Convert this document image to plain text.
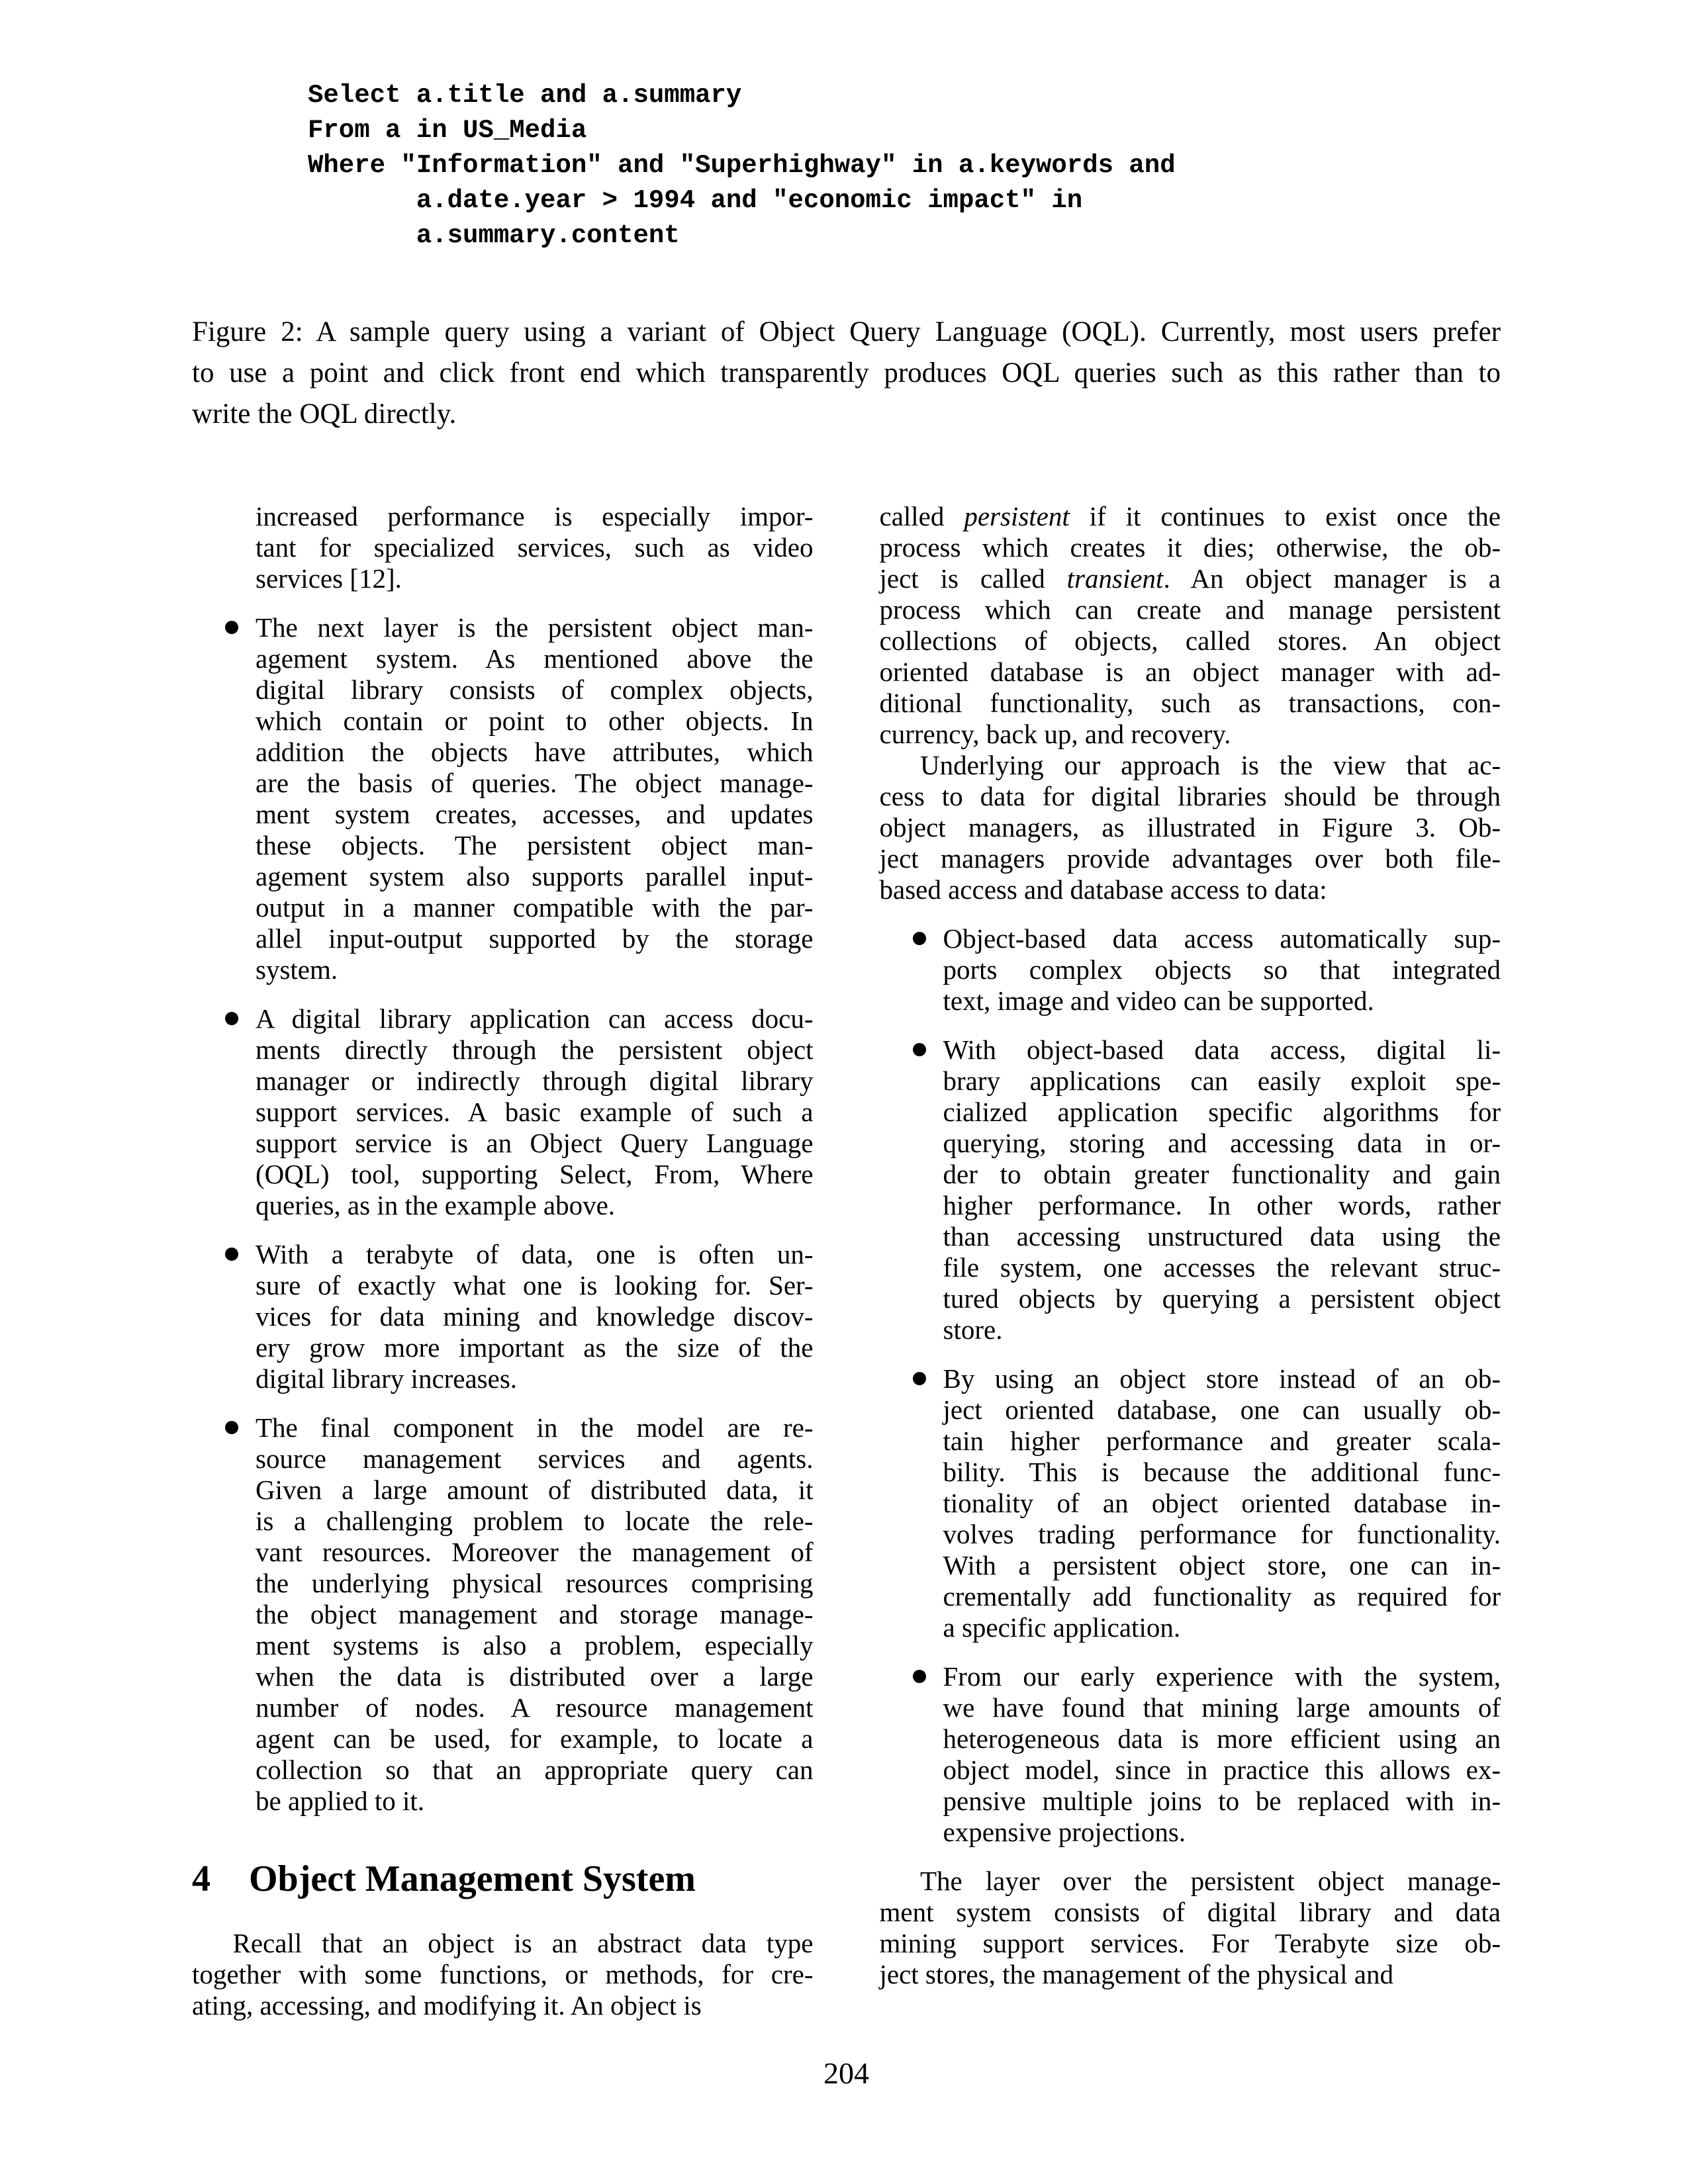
Select a.title and a.summary
From a in US_Media
Where "Information" and "Superhighway" in a.keywords and
a.date.year > 1994 and "economic impact" in
a.summary.content
Figure 2: A sample query using a variant of Object Query Language (OQL). Currently, most users prefer
to use a point and click front end which transparently produces OQL queries such as this rather than to
write the OQL directly.
increased performance is especially impor-
tant for specialized services, such as video
services [12].
The next layer is the persistent object man-
agement system. As mentioned above the
digital library consists of complex objects,
which contain or point to other objects. In
addition the objects have attributes, which
are the basis of queries. The object manage-
ment system creates, accesses, and updates
these objects. The persistent object man-
agement system also supports parallel input-
output in a manner compatible with the par-
allel input-output supported by the storage
system.
A digital library application can access docu-
ments directly through the persistent object
manager or indirectly through digital library
support services. A basic example of such a
support service is an Object Query Language
(OQL) tool, supporting Select, From, Where
queries, as in the example above.
With a terabyte of data, one is often un-
sure of exactly what one is looking for. Ser-
vices for data mining and knowledge discov-
ery grow more important as the size of the
digital library increases.
The final component in the model are re-
source management services and agents.
Given a large amount of distributed data, it
is a challenging problem to locate the rele-
vant resources. Moreover the management of
the underlying physical resources comprising
the object management and storage manage-
ment systems is also a problem, especially
when the data is distributed over a large
number of nodes. A resource management
agent can be used, for example, to locate a
collection so that an appropriate query can
be applied to it.
4 Object Management System
  Recall that an object is an abstract data type
together with some functions, or methods, for cre-
ating, accessing, and modifying it. An object is
called persistent if it continues to exist once the
process which creates it dies; otherwise, the ob-
ject is called transient. An object manager is a
process which can create and manage persistent
collections of objects, called stores. An object
oriented database is an object manager with ad-
ditional functionality, such as transactions, con-
currency, back up, and recovery.
  Underlying our approach is the view that ac-
cess to data for digital libraries should be through
object managers, as illustrated in Figure 3. Ob-
ject managers provide advantages over both file-
based access and database access to data:
Object-based data access automatically sup-
ports complex objects so that integrated
text, image and video can be supported.
With object-based data access, digital li-
brary applications can easily exploit spe-
cialized application specific algorithms for
querying, storing and accessing data in or-
der to obtain greater functionality and gain
higher performance. In other words, rather
than accessing unstructured data using the
file system, one accesses the relevant struc-
tured objects by querying a persistent object
store.
By using an object store instead of an ob-
ject oriented database, one can usually ob-
tain higher performance and greater scala-
bility. This is because the additional func-
tionality of an object oriented database in-
volves trading performance for functionality.
With a persistent object store, one can in-
crementally add functionality as required for
a specific application.
From our early experience with the system,
we have found that mining large amounts of
heterogeneous data is more efficient using an
object model, since in practice this allows ex-
pensive multiple joins to be replaced with in-
expensive projections.
  The layer over the persistent object manage-
ment system consists of digital library and data
mining support services. For Terabyte size ob-
ject stores, the management of the physical and
204
